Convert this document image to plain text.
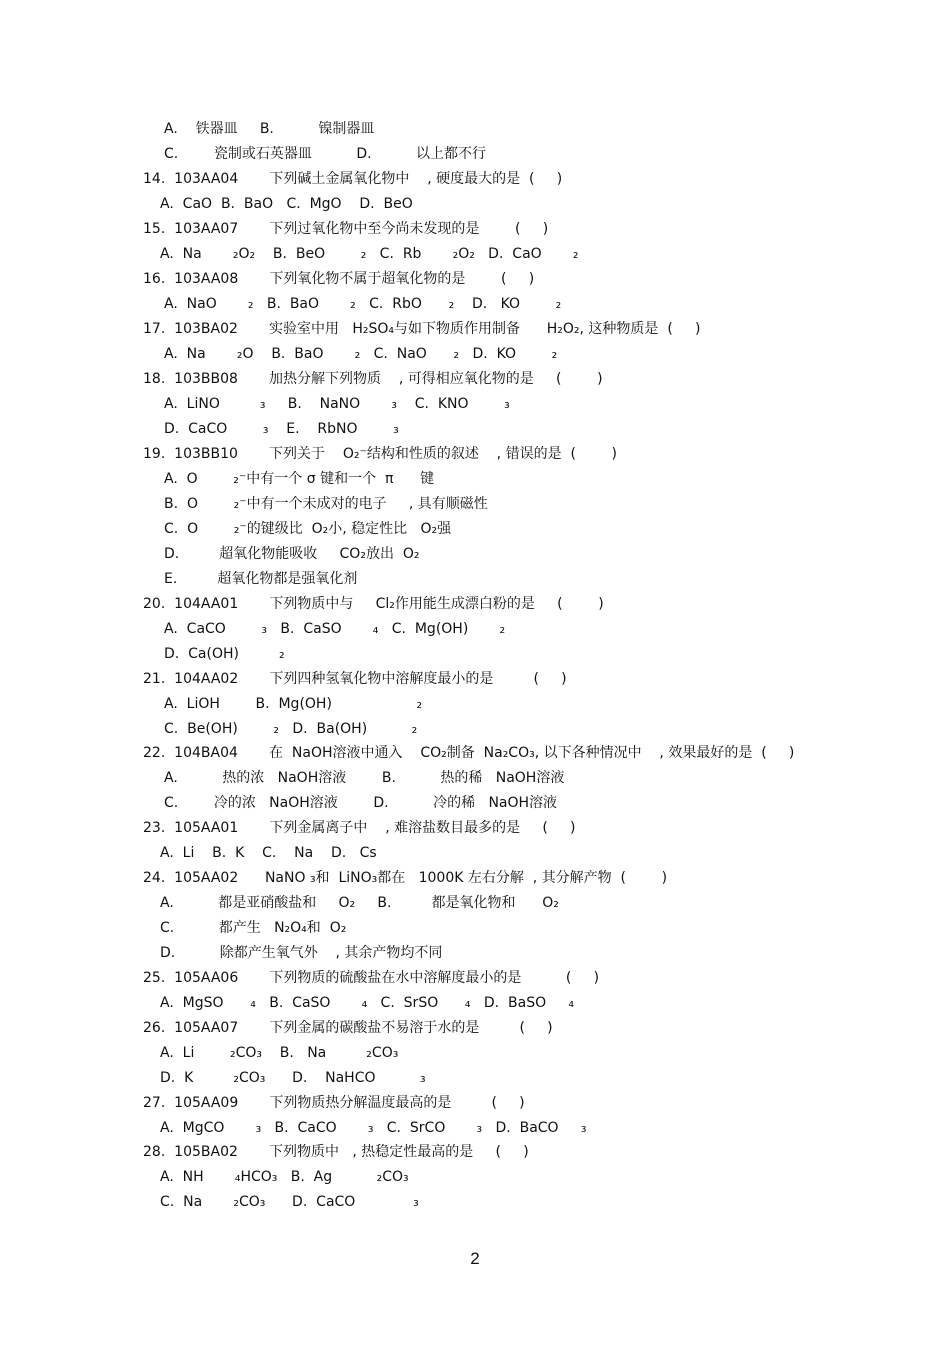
A.    铁器皿     B.          镍制器皿
C.        瓷制或石英器皿          D.          以上都不行
14.  103AA04       下列碱土金属氧化物中    , 硬度最大的是  (     )
A.  CaO  B.  BaO   C.  MgO    D.  BeO
15.  103AA07       下列过氧化物中至今尚未发现的是        (     )
A.  Na       ₂O₂    B.  BeO        ₂   C.  Rb       ₂O₂   D.  CaO       ₂
16.  103AA08       下列氧化物不属于超氧化物的是        (     )
A.  NaO       ₂   B.  BaO       ₂   C.  RbO      ₂    D.   KO        ₂
17.  103BA02       实验室中用   H₂SO₄与如下物质作用制备      H₂O₂, 这种物质是  (     )
A.  Na       ₂O    B.  BaO       ₂   C.  NaO      ₂   D.  KO        ₂
18.  103BB08       加热分解下列物质    , 可得相应氧化物的是     (        )
A.  LiNO         ₃     B.    NaNO       ₃    C.  KNO        ₃
D.  CaCO        ₃    E.    RbNO        ₃
19.  103BB10       下列关于    O₂⁻结构和性质的叙述    , 错误的是  (        )
A.  O        ₂⁻中有一个 σ 键和一个  π      键
B.  O        ₂⁻中有一个未成对的电子     , 具有顺磁性
C.  O        ₂⁻的键级比  O₂小, 稳定性比   O₂强
D.         超氧化物能吸收     CO₂放出  O₂
E.         超氧化物都是强氧化剂
20.  104AA01       下列物质中与     Cl₂作用能生成漂白粉的是     (        )
A.  CaCO        ₃   B.  CaSO       ₄   C.  Mg(OH)       ₂
D.  Ca(OH)         ₂
21.  104AA02       下列四种氢氧化物中溶解度最小的是         (     )
A.  LiOH        B.  Mg(OH)                   ₂
C.  Be(OH)        ₂   D.  Ba(OH)          ₂
22.  104BA04       在  NaOH溶液中通入    CO₂制备  Na₂CO₃, 以下各种情况中    , 效果最好的是  (     )
A.          热的浓   NaOH溶液        B.          热的稀   NaOH溶液
C.        冷的浓   NaOH溶液        D.          冷的稀   NaOH溶液
23.  105AA01       下列金属离子中    , 难溶盐数目最多的是     (     )
A.  Li    B.  K    C.    Na    D.   Cs
24.  105AA02      NaNO ₃和  LiNO₃都在   1000K 左右分解  , 其分解产物  (        )
A.          都是亚硝酸盐和     O₂     B.         都是氧化物和      O₂
C.          都产生   N₂O₄和  O₂
D.          除都产生氧气外    , 其余产物均不同
25.  105AA06       下列物质的硫酸盐在水中溶解度最小的是          (     )
A.  MgSO      ₄   B.  CaSO       ₄   C.  SrSO      ₄   D.  BaSO     ₄
26.  105AA07       下列金属的碳酸盐不易溶于水的是         (     )
A.  Li        ₂CO₃    B.   Na         ₂CO₃
D.  K         ₂CO₃      D.    NaHCO          ₃
27.  105AA09       下列物质热分解温度最高的是         (     )
A.  MgCO       ₃   B.  CaCO       ₃   C.  SrCO       ₃   D.  BaCO     ₃
28.  105BA02       下列物质中   , 热稳定性最高的是     (     )
A.  NH       ₄HCO₃   B.  Ag          ₂CO₃
C.  Na       ₂CO₃      D.  CaCO             ₃
2
